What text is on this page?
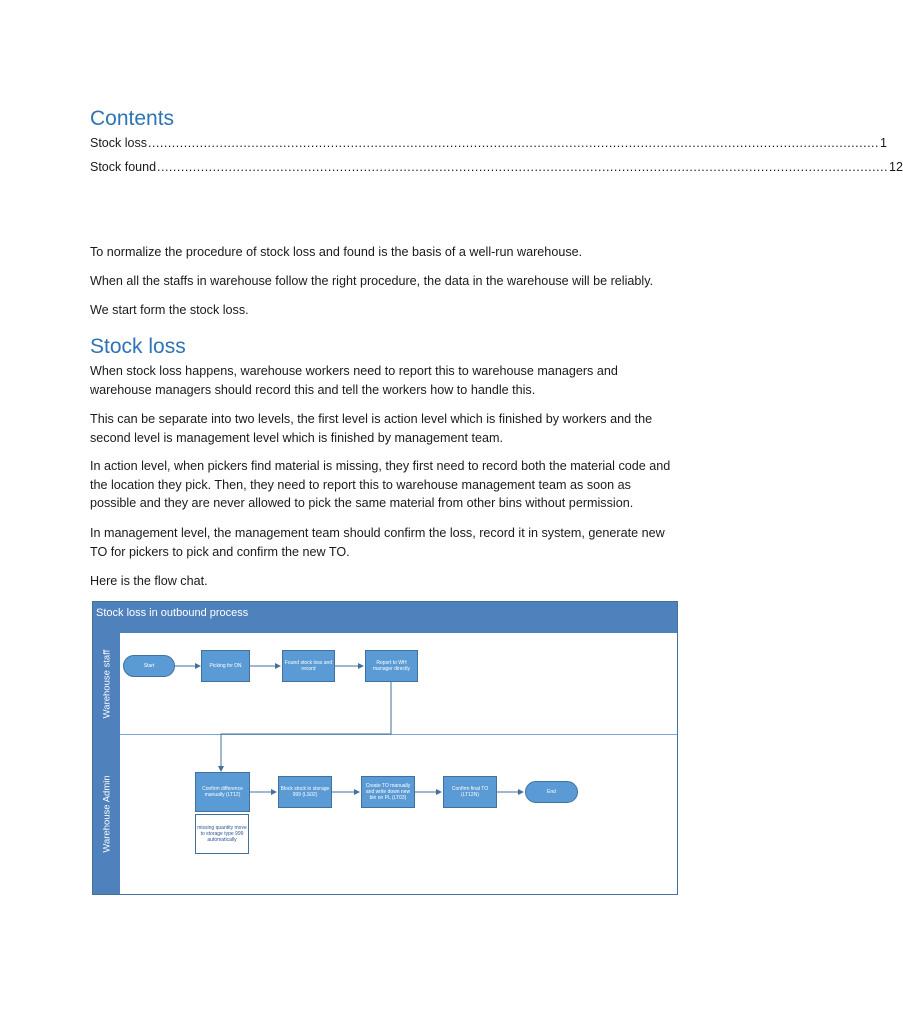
Contents
Stock loss ........................................................................................................................................................................................ 1
Stock found ........................................................................................................................................................................................ 12

To normalize the procedure of stock loss and found is the basis of a well-run warehouse.

When all the staffs in warehouse follow the right procedure, the data in the warehouse will be reliably.

We start form the stock loss.

Stock loss

When stock loss happens, warehouse workers need to report this to warehouse managers and warehouse managers should record this and tell the workers how to handle this.

This can be separate into two levels, the first level is action level which is finished by workers and the second level is management level which is finished by management team.

In action level, when pickers find material is missing, they first need to record both the material code and the location they pick. Then, they need to report this to warehouse management team as soon as possible and they are never allowed to pick the same material from other bins without permission.

In management level, the management team should confirm the loss, record it in system, generate new TO for pickers to pick and confirm the new TO.

Here is the flow chat.

Stock loss in outbound process
Warehouse staff
Warehouse Admin
Start	Picking for DN	Found stock loss and record
Report to WH manager directly
Confirm difference manually (LT12)
missing quantity move to storage type 999 automatically
Block stock in storage 999 (LS02)
Create TO manually and write down new bin on PL (LT03)
Confirm final TO (LT12N)	End
